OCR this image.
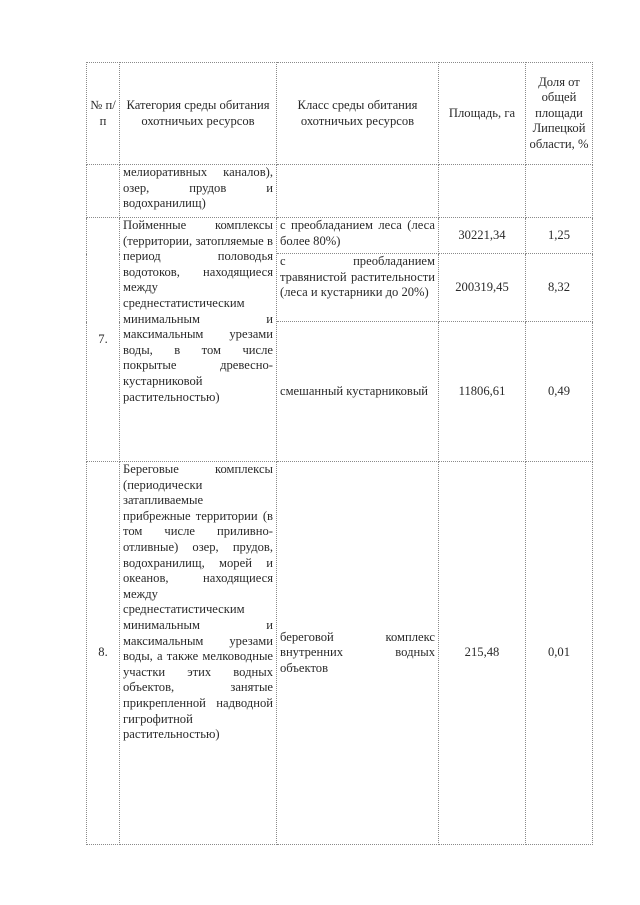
№ п/п	Категория среды обитания охотничьих ресурсов	Класс среды обитания охотничьих ресурсов	Площадь, га	Доля от общей площади Липецкой области, %
	мелиоративных каналов), озер, прудов и водохранилищ)			
7.	Пойменные комплексы (территории, затопляемые в период половодья водотоков, находящиеся между среднестатистическим минимальным и максимальным урезами воды, в том числе покрытые древесно-кустарниковой растительностью)	с преобладанием леса (леса более 80%)	30221,34	1,25
		с преобладанием травянистой растительности (леса и кустарники до 20%)	200319,45	8,32
		смешанный кустарниковый	11806,61	0,49
8.	Береговые комплексы (периодически затапливаемые прибрежные территории (в том числе приливно-отливные) озер, прудов, водохранилищ, морей и океанов, находящиеся между среднестатистическим минимальным и максимальным урезами воды, а также мелководные участки этих водных объектов, занятые прикрепленной надводной гигрофитной растительностью)	береговой комплекс внутренних водных объектов	215,48	0,01
